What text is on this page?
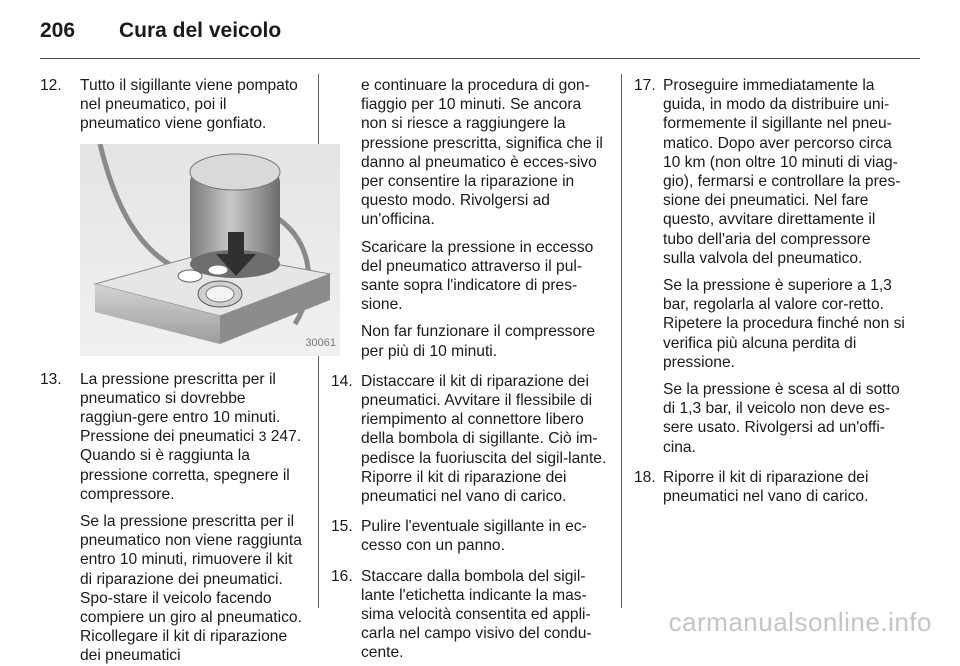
206	Cura del veicolo
12. Tutto il sigillante viene pompato nel pneumatico, poi il pneumatico viene gonfiato.
30061
13. La pressione prescritta per il pneumatico si dovrebbe raggiun-gere entro 10 minuti. Pressione dei pneumatici 3 247. Quando si è raggiunta la pressione corretta, spegnere il compressore.
Se la pressione prescritta per il pneumatico non viene raggiunta entro 10 minuti, rimuovere il kit di riparazione dei pneumatici. Spo-stare il veicolo facendo compiere un giro al pneumatico. Ricollegare il kit di riparazione dei pneumatici
e continuare la procedura di gon-fiaggio per 10 minuti. Se ancora non si riesce a raggiungere la pressione prescritta, significa che il danno al pneumatico è ecces-sivo per consentire la riparazione in questo modo. Rivolgersi ad un'officina.
Scaricare la pressione in eccesso del pneumatico attraverso il pul-sante sopra l'indicatore di pres-sione.
Non far funzionare il compressore per più di 10 minuti.
14. Distaccare il kit di riparazione dei pneumatici. Avvitare il flessibile di riempimento al connettore libero della bombola di sigillante. Ciò im-pedisce la fuoriuscita del sigil-lante. Riporre il kit di riparazione dei pneumatici nel vano di carico.
15. Pulire l'eventuale sigillante in ec-cesso con un panno.
16. Staccare dalla bombola del sigil-lante l'etichetta indicante la mas-sima velocità consentita ed appli-carla nel campo visivo del condu-cente.
17. Proseguire immediatamente la guida, in modo da distribuire uni-formemente il sigillante nel pneu-matico. Dopo aver percorso circa 10 km (non oltre 10 minuti di viag-gio), fermarsi e controllare la pres-sione dei pneumatici. Nel fare questo, avvitare direttamente il tubo dell'aria del compressore sulla valvola del pneumatico.
Se la pressione è superiore a 1,3 bar, regolarla al valore cor-retto. Ripetere la procedura finché non si verifica più alcuna perdita di pressione.
Se la pressione è scesa al di sotto di 1,3 bar, il veicolo non deve es-sere usato. Rivolgersi ad un'offi-cina.
18. Riporre il kit di riparazione dei pneumatici nel vano di carico.
carmanualsonline.info
